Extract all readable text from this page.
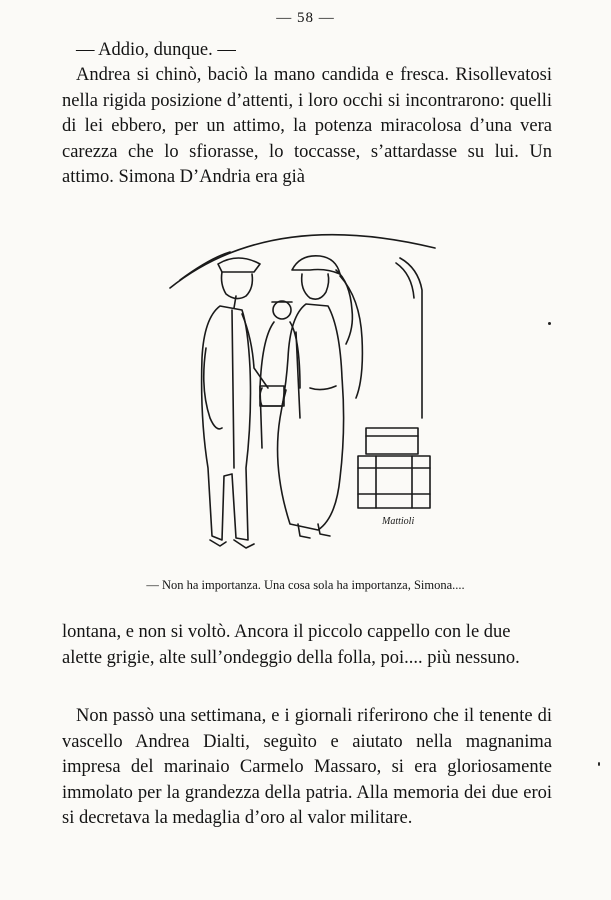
— 58 —

— Addio, dunque. —

Andrea si chinò, baciò la mano candida e fresca. Risollevatosi nella rigida posizione d’attenti, i loro occhi si incontrarono: quelli di lei ebbero, per un attimo, la potenza miracolosa d’una vera carezza che lo sfiorasse, lo toccasse, s’attardasse su lui. Un attimo. Simona D’Andria era già

Mattioli
— Non ha importanza. Una cosa sola ha importanza, Simona....

lontana, e non si voltò. Ancora il piccolo cappello con le due alette grigie, alte sull’ondeggio della folla, poi.... più nessuno.

Non passò una settimana, e i giornali riferirono che il tenente di vascello Andrea Dialti, seguìto e aiutato nella magnanima impresa del marinaio Carmelo Massaro, si era gloriosamente immolato per la grandezza della patria. Alla memoria dei due eroi si decretava la medaglia d’oro al valor militare.
